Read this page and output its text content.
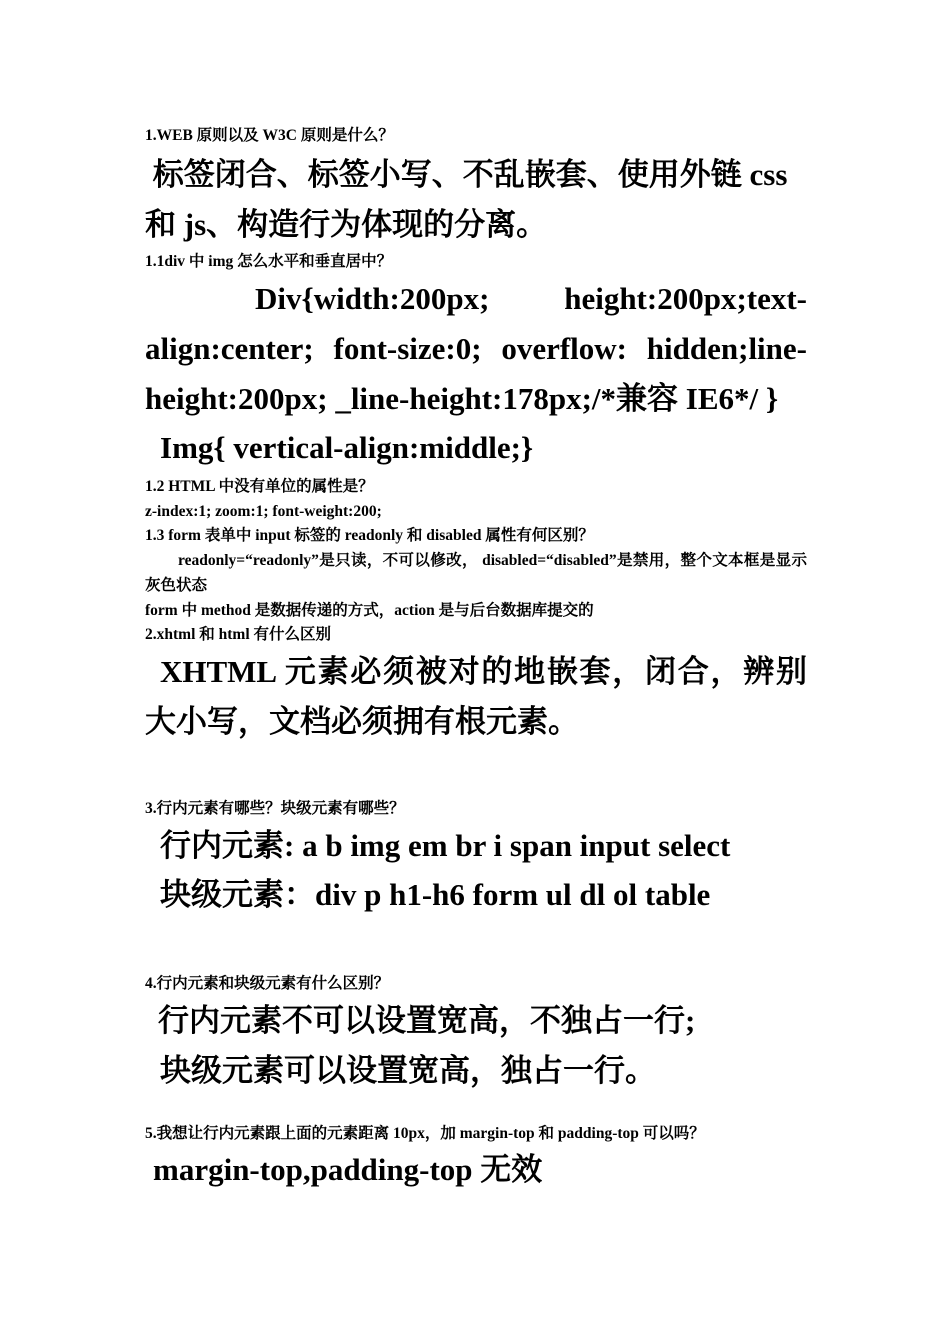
1.WEB 原则以及 W3C 原则是什么？

标签闭合、标签小写、不乱嵌套、使用外链 css 和 js、构造行为体现的分离。

1.1div 中 img 怎么水平和垂直居中？

Div{width:200px; height:200px;text-align:center; font-size:0; overflow: hidden;line-height:200px; _line-height:178px;/*兼容 IE6*/ }

Img{ vertical-align:middle;}

1.2 HTML 中没有单位的属性是？

z-index:1; zoom:1; font-weight:200;

1.3 form 表单中 input 标签的 readonly 和 disabled 属性有何区别？

readonly=“readonly”是只读，不可以修改， disabled=“disabled”是禁用，整个文本框是显示灰色状态

form 中 method 是数据传递的方式，action 是与后台数据库提交的

2.xhtml 和 html 有什么区别

XHTML 元素必须被对的地嵌套，闭合，辨别大小写，文档必须拥有根元素。

3.行内元素有哪些？块级元素有哪些？

行内元素: a b img em br i span input select

块级元素：div p h1-h6 form ul dl ol table

4.行内元素和块级元素有什么区别？

行内元素不可以设置宽高，不独占一行;

块级元素可以设置宽高，独占一行。

5.我想让行内元素跟上面的元素距离 10px，加 margin-top 和 padding-top 可以吗？

margin-top,padding-top 无效
